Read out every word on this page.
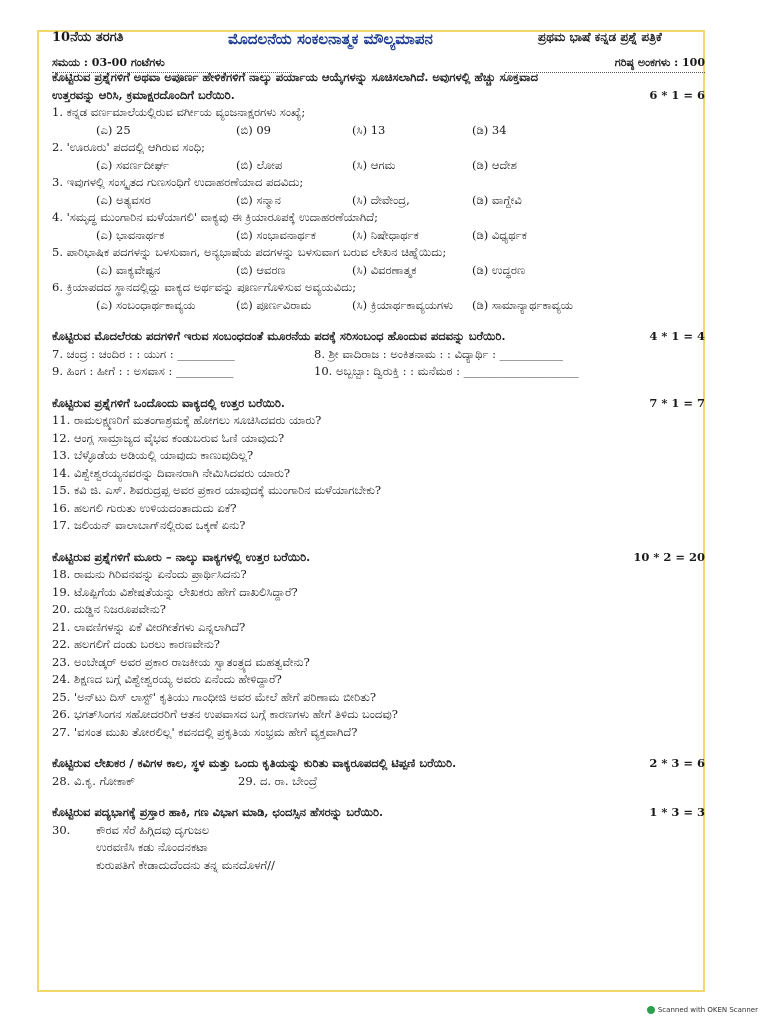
10ನೆಯ ತರಗತಿ	ಮೊದಲನೆಯ ಸಂಕಲನಾತ್ಮಕ ಮೌಲ್ಯಮಾಪನ	ಪ್ರಥಮ ಭಾಷೆ ಕನ್ನಡ ಪ್ರಶ್ನೆ ಪತ್ರಿಕೆ
ಸಮಯ : 03-00 ಗಂಟೆಗಳು	ಗರಿಷ್ಠ ಅಂಕಗಳು : 100
ಕೊಟ್ಟಿರುವ ಪ್ರಶ್ನೆಗಳಿಗೆ ಅಥವಾ ಅಪೂರ್ಣ ಹೇಳಿಕೆಗಳಿಗೆ ನಾಲ್ಕು ಪರ್ಯಾಯ ಆಯ್ಕೆಗಳನ್ನು ಸೂಚಿಸಲಾಗಿದೆ. ಅವುಗಳಲ್ಲಿ ಹೆಚ್ಚು ಸೂಕ್ತವಾದ
ಉತ್ತರವನ್ನು ಆರಿಸಿ, ಕ್ರಮಾಕ್ಷರದೊಂದಿಗೆ ಬರೆಯಿರಿ.	6 * 1 = 6
1. ಕನ್ನಡ ವರ್ಣಮಾಲೆಯಲ್ಲಿರುವ ವರ್ಗೀಯ ವ್ಯಂಜನಾಕ್ಷರಗಳು ಸಂಖ್ಯೆ;
(ಎ) 25	(ಬಿ) 09	(ಸಿ) 13	(ಡಿ) 34
2. 'ಊರೂರು' ಪದದಲ್ಲಿ ಆಗಿರುವ ಸಂಧಿ;
(ಎ) ಸವರ್ಣದೀರ್ಘ	(ಬಿ) ಲೋಪ	(ಸಿ) ಆಗಮ	(ಡಿ) ಆದೇಶ
3. ಇವುಗಳಲ್ಲಿ ಸಂಸ್ಕೃತದ ಗುಣಸಂಧಿಗೆ ಉದಾಹರಣೆಯಾದ ಪದವಿದು;
(ಎ) ಅತ್ಯವಸರ	(ಬಿ) ಸನ್ಮಾನ	(ಸಿ) ದೇವೇಂದ್ರ,	(ಡಿ) ವಾಗ್ದೇವಿ
4. 'ಸಮೃದ್ಧ ಮುಂಗಾರಿನ ಮಳೆಯಾಗಲಿ' ವಾಕ್ಯವು ಈ ಕ್ರಿಯಾರೂಪಕ್ಕೆ ಉದಾಹರಣೆಯಾಗಿದೆ;
(ಎ) ಭಾವನಾರ್ಥಕ	(ಬಿ) ಸಂಭಾವನಾರ್ಥಕ	(ಸಿ) ನಿಷೇಧಾರ್ಥಕ	(ಡಿ) ವಿಧ್ಯರ್ಥಕ
5. ಪಾರಿಭಾಷಿಕ ಪದಗಳನ್ನು ಬಳಸುವಾಗ, ಅನ್ಯಭಾಷೆಯ ಪದಗಳನ್ನು ಬಳಸುವಾಗ ಬರುವ ಲೇಖನ ಚಿಹ್ನೆಯಿದು;
(ಎ) ವಾಕ್ಯವೇಷ್ಟನ	(ಬಿ) ಆವರಣ	(ಸಿ) ವಿವರಣಾತ್ಮಕ	(ಡಿ) ಉದ್ಧರಣ
6. ಕ್ರಿಯಾಪದದ ಸ್ಥಾನದಲ್ಲಿದ್ದು ವಾಕ್ಯದ ಅರ್ಥವನ್ನು ಪೂರ್ಣಗೊಳಿಸುವ ಅವ್ಯಯವಿದು;
(ಎ) ಸಂಬಂಧಾರ್ಥಕಾವ್ಯಯ	(ಬಿ) ಪೂರ್ಣವಿರಾಮ	(ಸಿ) ಕ್ರಿಯಾರ್ಥಕಾವ್ಯಯಗಳು (ಡಿ) ಸಾಮಾನ್ಯಾರ್ಥಕಾವ್ಯಯ
ಕೊಟ್ಟಿರುವ ಮೊದಲೆರಡು ಪದಗಳಿಗೆ ಇರುವ ಸಂಬಂಧದಂತೆ ಮೂರನೆಯ ಪದಕ್ಕೆ ಸರಿಸಂಬಂಧ ಹೊಂದುವ ಪದವನ್ನು ಬರೆಯಿರಿ.	4 * 1 = 4
7. ಚಂದ್ರ : ಚಂದಿರ : : ಯುಗ : __________	8. ಶ್ರೀ ವಾದಿರಾಜ : ಅಂಕಿತನಾಮ : : ವಿದ್ಯಾರ್ಥಿ : ___________
9. ಹಿಂಗ : ಹೀಗೆ : : ಅಸವಾಸ : __________	10. ಅಬ್ಬಬ್ಬಾ: ದ್ವಿರುಕ್ತಿ : : ಮನೆಮಠ : ____________________
ಕೊಟ್ಟಿರುವ ಪ್ರಶ್ನೆಗಳಿಗೆ ಒಂದೊಂದು ವಾಕ್ಯದಲ್ಲಿ ಉತ್ತರ ಬರೆಯಿರಿ.	7 * 1 = 7
11. ರಾಮಲಕ್ಷ್ಮಣರಿಗೆ ಮತಂಗಾಶ್ರಮಕ್ಕೆ ಹೋಗಲು ಸೂಚಿಸಿದವರು ಯಾರು?
12. ಆಂಗ್ಲ ಸಾಮ್ರಾಜ್ಯದ ವೈಭವ ಕಂಡುಬರುವ ಓಣಿ ಯಾವುದು?
13. ಬೆಳ್ಳೊಡೆಯ ಅಡಿಯಲ್ಲಿ ಯಾವುದು ಕಾಣುವುದಿಲ್ಲ?
14. ವಿಶ್ವೇಶ್ವರಯ್ಯನವರನ್ನು ದಿವಾನರಾಗಿ ನೇಮಿಸಿದವರು ಯಾರು?
15. ಕವಿ ಜಿ. ಎಸ್. ಶಿವರುದ್ರಪ್ಪ ಅವರ ಪ್ರಕಾರ ಯಾವುದಕ್ಕೆ ಮುಂಗಾರಿನ ಮಳೆಯಾಗಬೇಕು?
16. ಹಲಗಲಿ ಗುರುತು ಉಳಿಯದಂತಾದುದು ಏಕೆ?
17. ಜಲಿಯನ್ ವಾಲಾಬಾಗ್‌ನಲ್ಲಿರುವ ಒಕ್ಕಣೆ ಏನು?
ಕೊಟ್ಟಿರುವ ಪ್ರಶ್ನೆಗಳಿಗೆ ಮೂರು – ನಾಲ್ಕು ವಾಕ್ಯಗಳಲ್ಲಿ ಉತ್ತರ ಬರೆಯಿರಿ.	10 * 2 = 20
18. ರಾಮನು ಗಿರಿವನವನ್ನು ಏನೆಂದು ಪ್ರಾರ್ಥಿಸಿದನು?
19. ಟೊಪ್ಪಿಗೆಯ ವಿಶೇಷತೆಯನ್ನು ಲೇಖಕರು ಹೇಗೆ ದಾಖಲಿಸಿದ್ದಾರೆ?
20. ದುಡ್ಡಿನ ನಿಜರೂಪವೇನು?
21. ಲಾವಣಿಗಳನ್ನು ಏಕೆ ವೀರಗೀತೆಗಳು ಎನ್ನಲಾಗಿದೆ?
22. ಹಲಗಲಿಗೆ ದಂಡು ಬರಲು ಕಾರಣವೇನು?
23. ಅಂಬೇಡ್ಕರ್ ಅವರ ಪ್ರಕಾರ ರಾಜಕೀಯ ಸ್ವಾತಂತ್ರ್ಯದ ಮಹತ್ವವೇನು?
24. ಶಿಕ್ಷಣದ ಬಗ್ಗೆ ವಿಶ್ವೇಶ್ವರಯ್ಯ ಅವರು ಏನೆಂದು ಹೇಳಿದ್ದಾರೆ?
25. 'ಅನ್‌ಟು ದಿಸ್ ಲಾಸ್ಟ್' ಕೃತಿಯು ಗಾಂಧೀಜಿ ಅವರ ಮೇಲೆ ಹೇಗೆ ಪರಿಣಾಮ ಬೀರಿತು?
26. ಭಗತ್‌ಸಿಂಗನ ಸಹೋದರರಿಗೆ ಆತನ ಉಪವಾಸದ ಬಗ್ಗೆ ಕಾರಣಗಳು ಹೇಗೆ ತಿಳಿದು ಬಂದವು?
27. 'ವಸಂತ ಮುಖ ತೋರಲಿಲ್ಲ' ಕವನದಲ್ಲಿ ಪ್ರಕೃತಿಯ ಸಂಭ್ರಮ ಹೇಗೆ ವ್ಯಕ್ತವಾಗಿದೆ?
ಕೊಟ್ಟಿರುವ ಲೇಖಕರ / ಕವಿಗಳ ಕಾಲ, ಸ್ಥಳ ಮತ್ತು ಒಂದು ಕೃತಿಯನ್ನು ಕುರಿತು ವಾಕ್ಯರೂಪದಲ್ಲಿ ಟಿಪ್ಪಣಿ ಬರೆಯಿರಿ.	2 * 3 = 6
28. ವಿ.ಕೃ. ಗೋಕಾಕ್	29. ದ. ರಾ. ಬೇಂದ್ರೆ
ಕೊಟ್ಟಿರುವ ಪದ್ಯಭಾಗಕ್ಕೆ ಪ್ರಸ್ತಾರ ಹಾಕಿ, ಗಣ ವಿಭಾಗ ಮಾಡಿ, ಛಂದಸ್ಸಿನ ಹೆಸರನ್ನು ಬರೆಯಿರಿ.	1 * 3 = 3
30. ಕೌರವ ಸೆರೆ ಹಿಗ್ಗಿದವು ದೃಗುಜಲ
ಉರವಣಿಸಿ ಕಡು ನೊಂದನಕಟಾ

ಕುರುಪತಿಗೆ ಕೇಡಾದುದೆಂದನು ತನ್ನ ಮನದೊಳಗೆ//

Scanned with OKEN Scanner
